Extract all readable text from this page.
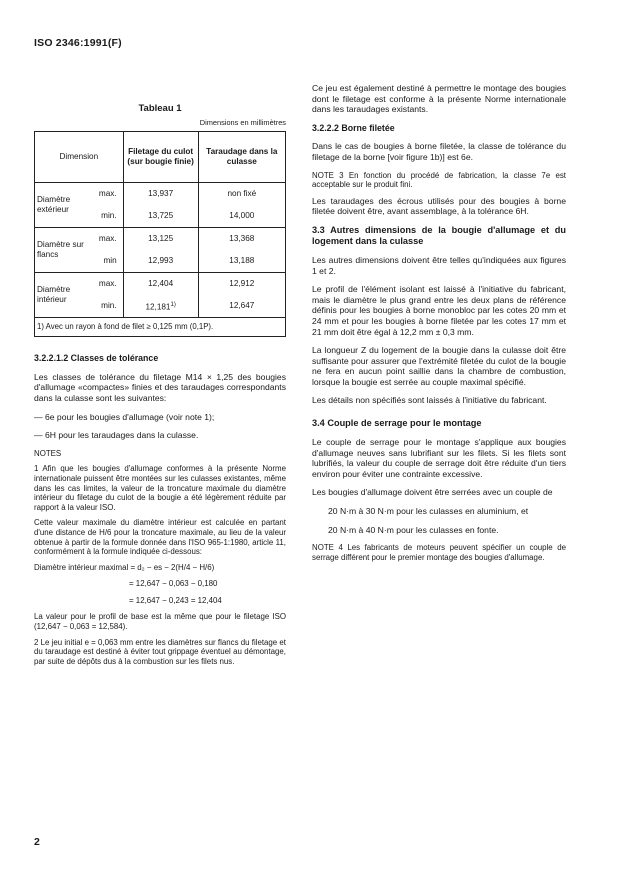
ISO 2346:1991(F)
Tableau 1
Dimensions en millimètres
Dimension		Filetage du culot (sur bougie finie)	Taraudage dans la culasse
Diamètre extérieur	max.	13,937	non fixé
	min.	13,725	14,000
Diamètre sur flancs	max.	13,125	13,368
	min	12,993	13,188
Diamètre intérieur	max.	12,404	12,912
	min.	12,181$^{1)}$	12,647
1) Avec un rayon à fond de filet ≥ 0,125 mm (0,1P).			
3.2.2.1.2 Classes de tolérance

Les classes de tolérance du filetage M14 × 1,25 des bougies d'allumage «compactes» finies et des taraudages correspondants dans la culasse sont les suivantes:

— 6e pour les bougies d'allumage (voir note 1);

— 6H pour les taraudages dans la culasse.

NOTES

1 Afin que les bougies d'allumage conformes à la présente Norme internationale puissent être montées sur les culasses existantes, même dans les cas limites, la valeur de la troncature maximale du diamètre intérieur du filetage du culot de la bougie a été légèrement réduite par rapport à la valeur ISO.

Cette valeur maximale du diamètre intérieur est calculée en partant d'une distance de H/6 pour la troncature maximale, au lieu de la valeur obtenue à partir de la formule donnée dans l'ISO 965-1:1980, article 11, conformément à la formule indiquée ci-dessous:

Diamètre intérieur maximal = d₂ − es − 2(H/4 − H/6)
= 12,647 − 0,063 − 0,180
= 12,647 − 0,243 = 12,404

La valeur pour le profil de base est la même que pour le filetage ISO (12,647 − 0,063 = 12,584).

2 Le jeu initial e = 0,063 mm entre les diamètres sur flancs du filetage et du taraudage est destiné à éviter tout grippage éventuel au démontage, par suite de dépôts dus à la combustion sur les filets nus.

Ce jeu est également destiné à permettre le montage des bougies dont le filetage est conforme à la présente Norme internationale dans les taraudages existants.

3.2.2.2 Borne filetée

Dans le cas de bougies à borne filetée, la classe de tolérance du filetage de la borne [voir figure 1b)] est 6e.

NOTE 3 En fonction du procédé de fabrication, la classe 7e est acceptable sur le produit fini.

Les taraudages des écrous utilisés pour des bougies à borne filetée doivent être, avant assemblage, à la tolérance 6H.

3.3 Autres dimensions de la bougie d'allumage et du logement dans la culasse

Les autres dimensions doivent être telles qu'indiquées aux figures 1 et 2.

Le profil de l'élément isolant est laissé à l'initiative du fabricant, mais le diamètre le plus grand entre les deux plans de référence définis pour les bougies à borne monobloc par les cotes 20 mm et 24 mm et pour les bougies à borne filetée par les cotes 17 mm et 21 mm doit être égal à 12,2 mm ± 0,3 mm.

La longueur Z du logement de la bougie dans la culasse doit être suffisante pour assurer que l'extrémité filetée du culot de la bougie ne fera en aucun point saillie dans la chambre de combustion, lorsque la bougie est serrée au couple maximal spécifié.

Les détails non spécifiés sont laissés à l'initiative du fabricant.

3.4 Couple de serrage pour le montage

Le couple de serrage pour le montage s'applique aux bougies d'allumage neuves sans lubrifiant sur les filets. Si les filets sont lubrifiés, la valeur du couple de serrage doit être réduite d'un tiers environ pour éviter une contrainte excessive.

Les bougies d'allumage doivent être serrées avec un couple de

20 N·m à 30 N·m pour les culasses en aluminium, et

20 N·m à 40 N·m pour les culasses en fonte.

NOTE 4 Les fabricants de moteurs peuvent spécifier un couple de serrage différent pour le premier montage des bougies d'allumage.

2
